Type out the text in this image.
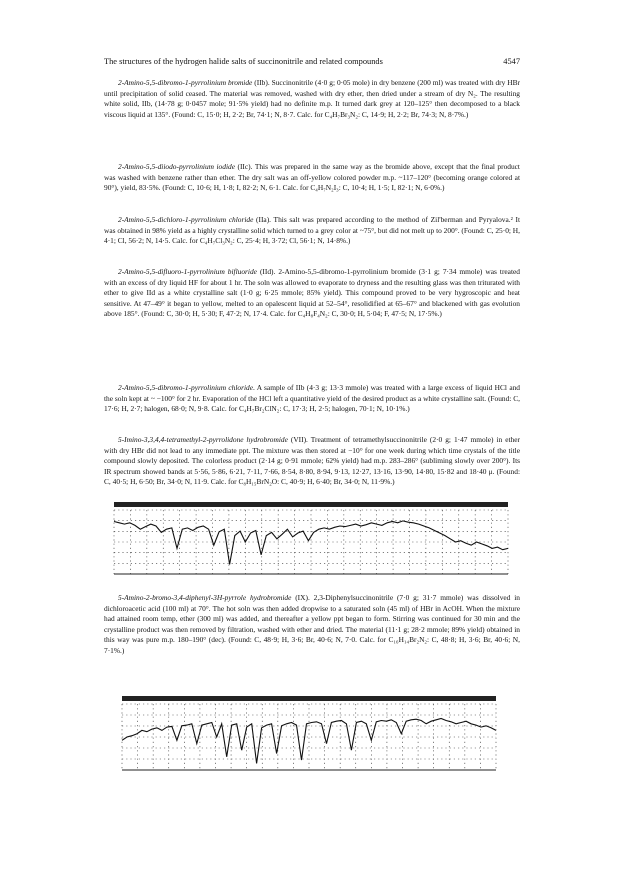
The structures of the hydrogen halide salts of succinonitrile and related compounds	4547

2-Amino-5,5-dibromo-1-pyrrolinium bromide (IIb). Succinonitrile (4·0 g; 0·05 mole) in dry benzene (200 ml) was treated with dry HBr until precipitation of solid ceased. The material was removed, washed with dry ether, then dried under a stream of dry N₂. The resulting white solid, IIb, (14·78 g; 0·0457 mole; 91·5% yield) had no definite m.p. It turned dark grey at 120–125° then decomposed to a black viscous liquid at 135°. (Found: C, 15·0; H, 2·2; Br, 74·1; N, 8·7. Calc. for C₄H₇Br₃N₂: C, 14·9; H, 2·2; Br, 74·3; N, 8·7%.)

2-Amino-5,5-diiodo-pyrrolinium iodide (IIc). This was prepared in the same way as the bromide above, except that the final product was washed with benzene rather than ether. The dry salt was an off-yellow colored powder m.p. ~117–120° (becoming orange colored at 90°), yield, 83·5%. (Found: C, 10·6; H, 1·8; I, 82·2; N, 6·1. Calc. for C₄H₇N₂I₃: C, 10·4; H, 1·5; I, 82·1; N, 6·0%.)

2-Amino-5,5-dichloro-1-pyrrolinium chloride (IIa). This salt was prepared according to the method of Zil'berman and Pyryalova.² It was obtained in 98% yield as a highly crystalline solid which turned to a grey color at ~75°, but did not melt up to 200°. (Found: C, 25·0; H, 4·1; Cl, 56·2; N, 14·5. Calc. for C₄H₇Cl₃N₂: C, 25·4; H, 3·72; Cl, 56·1; N, 14·8%.)

2-Amino-5,5-difluoro-1-pyrrolinium bifluoride (IId). 2-Amino-5,5-dibromo-1-pyrrolinium bromide (3·1 g; 7·34 mmole) was treated with an excess of dry liquid HF for about 1 hr. The soln was allowed to evaporate to dryness and the resulting glass was then triturated with ether to give IId as a white crystalline salt (1·0 g; 6·25 mmole; 85% yield). This compound proved to be very hygroscopic and heat sensitive. At 47–49° it began to yellow, melted to an opalescent liquid at 52–54°, resolidified at 65–67° and blackened with gas evolution above 185°. (Found: C, 30·0; H, 5·30; F, 47·2; N, 17·4. Calc. for C₄H₈F₄N₂: C, 30·0; H, 5·04; F, 47·5; N, 17·5%.)

2-Amino-5,5-dibromo-1-pyrrolinium chloride. A sample of IIb (4·3 g; 13·3 mmole) was treated with a large excess of liquid HCl and the soln kept at ~ −100° for 2 hr. Evaporation of the HCl left a quantitative yield of the desired product as a white crystalline salt. (Found: C, 17·6; H, 2·7; halogen, 68·0; N, 9·8. Calc. for C₄H₇Br₂ClN₂: C, 17·3; H, 2·5; halogen, 70·1; N, 10·1%.)

5-Imino-3,3,4,4-tetramethyl-2-pyrrolidone hydrobromide (VII). Treatment of tetramethylsuccinonitrile (2·0 g; 1·47 mmole) in ether with dry HBr did not lead to any immediate ppt. The mixture was then stored at −10° for one week during which time crystals of the title compound slowly deposited. The colorless product (2·14 g; 0·91 mmole; 62% yield) had m.p. 283–286° (subliming slowly over 200°). Its IR spectrum showed bands at 5·56, 5·86, 6·21, 7·11, 7·66, 8·54, 8·80, 8·94, 9·13, 12·27, 13·16, 13·90, 14·80, 15·82 and 18·40 μ. (Found: C, 40·5; H, 6·50; Br, 34·0; N, 11·9. Calc. for C₈H₁₅BrN₂O: C, 40·9; H, 6·40; Br, 34·0; N, 11·9%.)

5-Amino-2-bromo-3,4-diphenyl-3H-pyrrole hydrobromide (IX). 2,3-Diphenylsuccinonitrile (7·0 g; 31·7 mmole) was dissolved in dichloroacetic acid (100 ml) at 70°. The hot soln was then added dropwise to a saturated soln (45 ml) of HBr in AcOH. When the mixture had attained room temp, ether (300 ml) was added, and thereafter a yellow ppt began to form. Stirring was continued for 30 min and the crystalline product was then removed by filtration, washed with ether and dried. The material (11·1 g; 28·2 mmole; 89% yield) obtained in this way was pure m.p. 180–190° (dec). (Found: C, 48·9; H, 3·6; Br, 40·6; N, 7·0. Calc. for C₁₆H₁₄Br₂N₂: C, 48·8; H, 3·6; Br, 40·6; N, 7·1%.)
